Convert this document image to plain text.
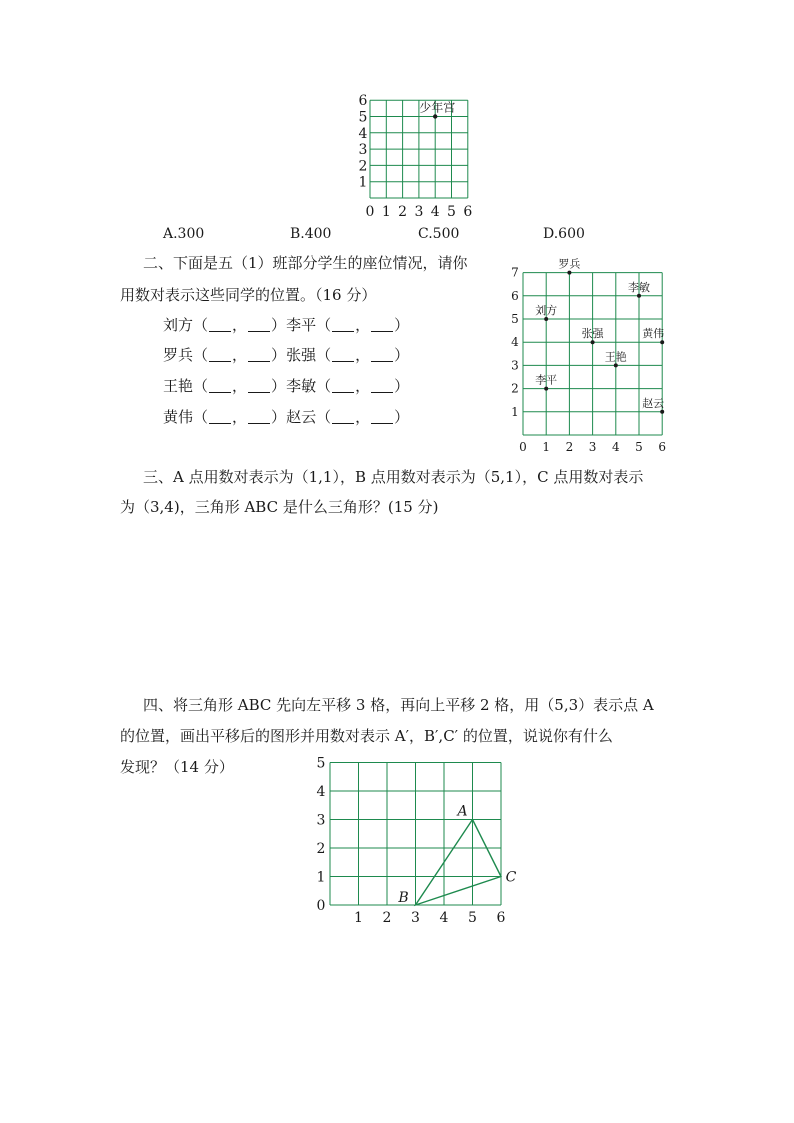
0 1 2 3 4 5 6
1
2
3
4
5
6	少年宫
A.300	B.400	C.500	D.600
二、下面是五（1）班部分学生的座位情况，请你
用数对表示这些同学的位置。（16 分）
刘方（ ， ）李平（ ， ）
罗兵（ ， ）张强（ ， ）
王艳（ ， ）李敏（ ， ）
黄伟（ ， ）赵云（ ， ）
0 1 2 3 4 5 6
1
2
3
4
5
6
7
罗兵
李敏
刘方
张强	黄伟
王艳
李平
赵云
三、A 点用数对表示为（1,1），B 点用数对表示为（5,1），C 点用数对表示
为（3,4)，三角形 ABC 是什么三角形？(15 分)
四、将三角形 ABC 先向左平移 3 格，再向上平移 2 格，用（5,3）表示点 A
的位置，画出平移后的图形并用数对表示 A′，B′,C′ 的位置，说说你有什么
发现？（14 分）
1 2 3 4 5 6
0
1
2
3
4
5
A
B
C
